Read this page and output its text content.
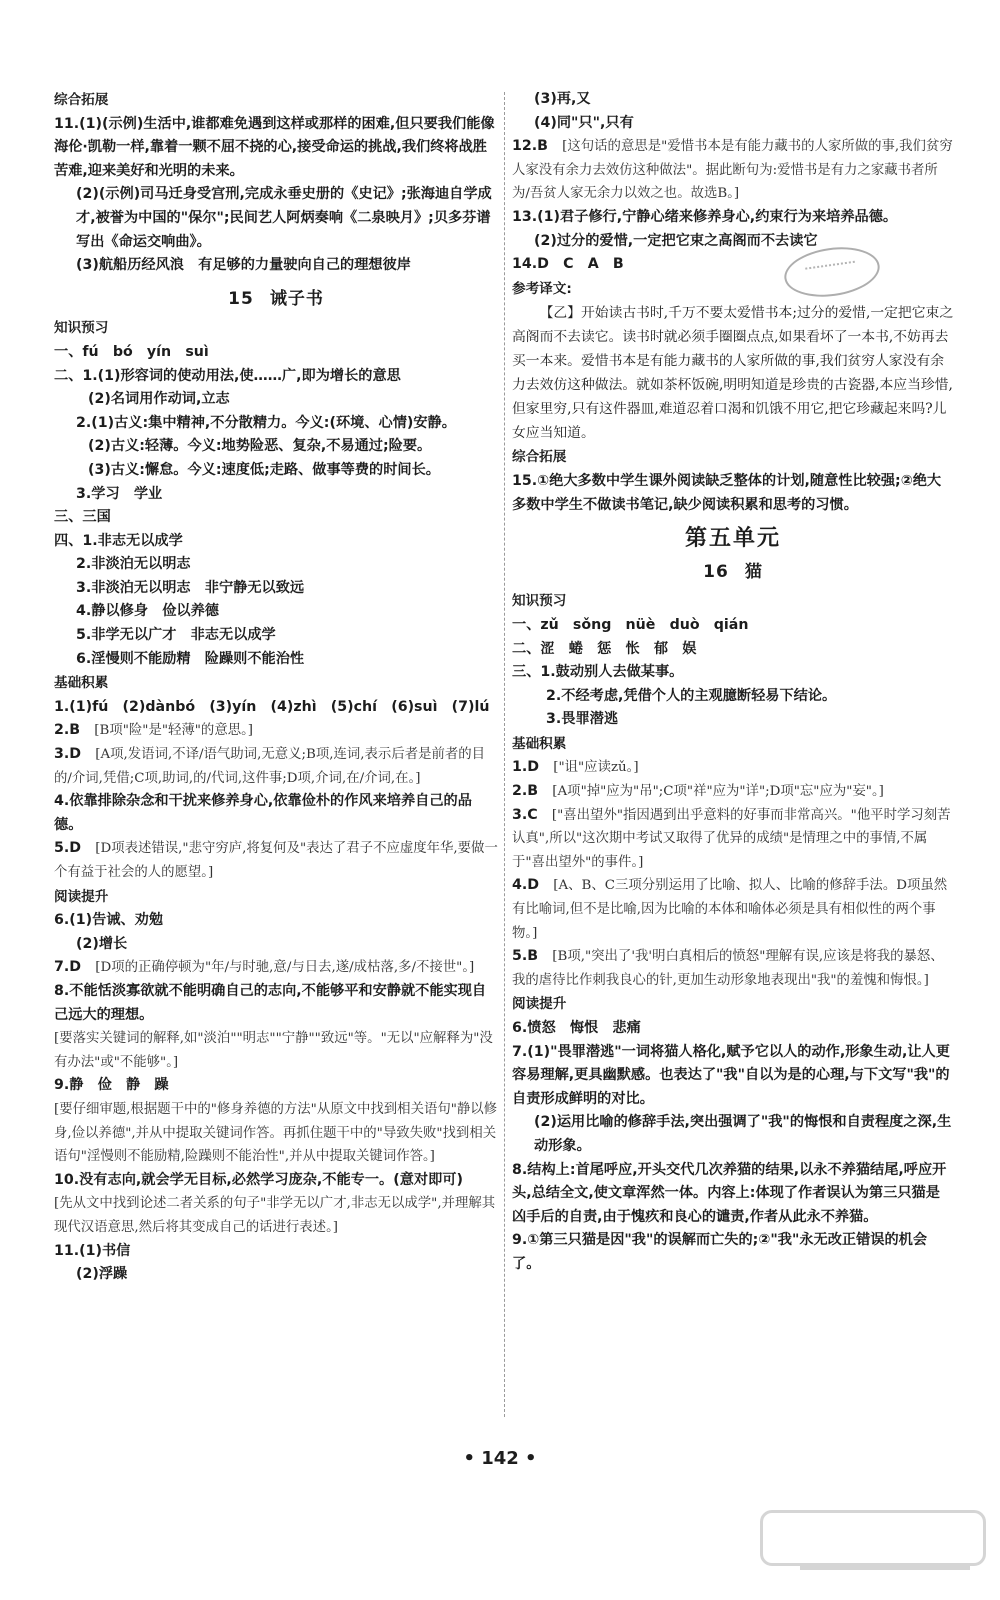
综合拓展
11.(1)(示例)生活中,谁都难免遇到这样或那样的困难,但只要我们能像海伦·凯勒一样,靠着一颗不屈不挠的心,接受命运的挑战,我们终将战胜苦难,迎来美好和光明的未来。
(2)(示例)司马迁身受宫刑,完成永垂史册的《史记》;张海迪自学成才,被誉为中国的"保尔";民间艺人阿炳奏响《二泉映月》;贝多芬谱写出《命运交响曲》。
(3)航船历经风浪　有足够的力量驶向自己的理想彼岸
15 诫子书
知识预习
一、fú　bó　yín　suì
二、1.(1)形容词的使动用法,使……广,即为增长的意思
(2)名词用作动词,立志
2.(1)古义:集中精神,不分散精力。今义:(环境、心情)安静。
(2)古义:轻薄。今义:地势险恶、复杂,不易通过;险要。
(3)古义:懈怠。今义:速度低;走路、做事等费的时间长。
3.学习　学业
三、三国
四、1.非志无以成学
2.非淡泊无以明志
3.非淡泊无以明志　非宁静无以致远
4.静以修身　俭以养德
5.非学无以广才　非志无以成学
6.淫慢则不能励精　险躁则不能治性
基础积累
1.(1)fú　(2)dànbó　(3)yín　(4)zhì　(5)chí　(6)suì　(7)lú
2.B　 [B项"险"是"轻薄"的意思。]
3.D　 [A项,发语词,不译/语气助词,无意义;B项,连词,表示后者是前者的目的/介词,凭借;C项,助词,的/代词,这件事;D项,介词,在/介词,在。]
4.依靠排除杂念和干扰来修养身心,依靠俭朴的作风来培养自己的品德。
5.D　 [D项表述错误,"悲守穷庐,将复何及"表达了君子不应虚度年华,要做一个有益于社会的人的愿望。]
阅读提升
6.(1)告诫、劝勉
(2)增长
7.D　 [D项的正确停顿为"年/与时驰,意/与日去,遂/成枯落,多/不接世"。]
8.不能恬淡寡欲就不能明确自己的志向,不能够平和安静就不能实现自己远大的理想。
[要落实关键词的解释,如"淡泊""明志""宁静""致远"等。"无以"应解释为"没有办法"或"不能够"。]
9.静　俭　静　躁
[要仔细审题,根据题干中的"修身养德的方法"从原文中找到相关语句"静以修身,俭以养德",并从中提取关键词作答。再抓住题干中的"导致失败"找到相关语句"淫慢则不能励精,险躁则不能治性",并从中提取关键词作答。]
10.没有志向,就会学无目标,必然学习庞杂,不能专一。(意对即可)
[先从文中找到论述二者关系的句子"非学无以广才,非志无以成学",并理解其现代汉语意思,然后将其变成自己的话进行表述。]
11.(1)书信
(2)浮躁
(3)再,又
(4)同"只",只有
12.B　 [这句话的意思是"爱惜书本是有能力藏书的人家所做的事,我们贫穷人家没有余力去效仿这种做法"。据此断句为:爱惜书是有力之家藏书者所为/吾贫人家无余力以效之也。故选B。]
13.(1)君子修行,宁静心绪来修养身心,约束行为来培养品德。
(2)过分的爱惜,一定把它束之高阁而不去读它
14.D　C　A　B
参考译文:
【乙】开始读古书时,千万不要太爱惜书本;过分的爱惜,一定把它束之高阁而不去读它。读书时就必须手圈圈点点,如果看坏了一本书,不妨再去买一本来。爱惜书本是有能力藏书的人家所做的事,我们贫穷人家没有余力去效仿这种做法。就如茶杯饭碗,明明知道是珍贵的古瓷器,本应当珍惜,但家里穷,只有这件器皿,难道忍着口渴和饥饿不用它,把它珍藏起来吗?儿女应当知道。
综合拓展
15.①绝大多数中学生课外阅读缺乏整体的计划,随意性比较强;②绝大多数中学生不做读书笔记,缺少阅读积累和思考的习惯。
第五单元
16 猫
知识预习
一、zǔ　sǒng　nüè　duò　qián
二、涩　蜷　惩　怅　郁　娱
三、1.鼓动别人去做某事。
2.不经考虑,凭借个人的主观臆断轻易下结论。
3.畏罪潜逃
基础积累
1.D　 ["诅"应读zǔ。]
2.B　 [A项"掉"应为"吊";C项"祥"应为"详";D项"忘"应为"妄"。]
3.C　 ["喜出望外"指因遇到出乎意料的好事而非常高兴。"他平时学习刻苦认真",所以"这次期中考试又取得了优异的成绩"是情理之中的事情,不属于"喜出望外"的事件。]
4.D　 [A、B、C三项分别运用了比喻、拟人、比喻的修辞手法。D项虽然有比喻词,但不是比喻,因为比喻的本体和喻体必须是具有相似性的两个事物。]
5.B　 [B项,"突出了'我'明白真相后的愤怒"理解有误,应该是将我的暴怒、我的虐待比作刺我良心的针,更加生动形象地表现出"我"的羞愧和悔恨。]
阅读提升
6.愤怒　悔恨　悲痛
7.(1)"畏罪潜逃"一词将猫人格化,赋予它以人的动作,形象生动,让人更容易理解,更具幽默感。也表达了"我"自以为是的心理,与下文写"我"的自责形成鲜明的对比。
(2)运用比喻的修辞手法,突出强调了"我"的悔恨和自责程度之深,生动形象。
8.结构上:首尾呼应,开头交代几次养猫的结果,以永不养猫结尾,呼应开头,总结全文,使文章浑然一体。内容上:体现了作者误认为第三只猫是凶手后的自责,由于愧疚和良心的谴责,作者从此永不养猫。
9.①第三只猫是因"我"的误解而亡失的;②"我"永无改正错误的机会了。
• 142 •
